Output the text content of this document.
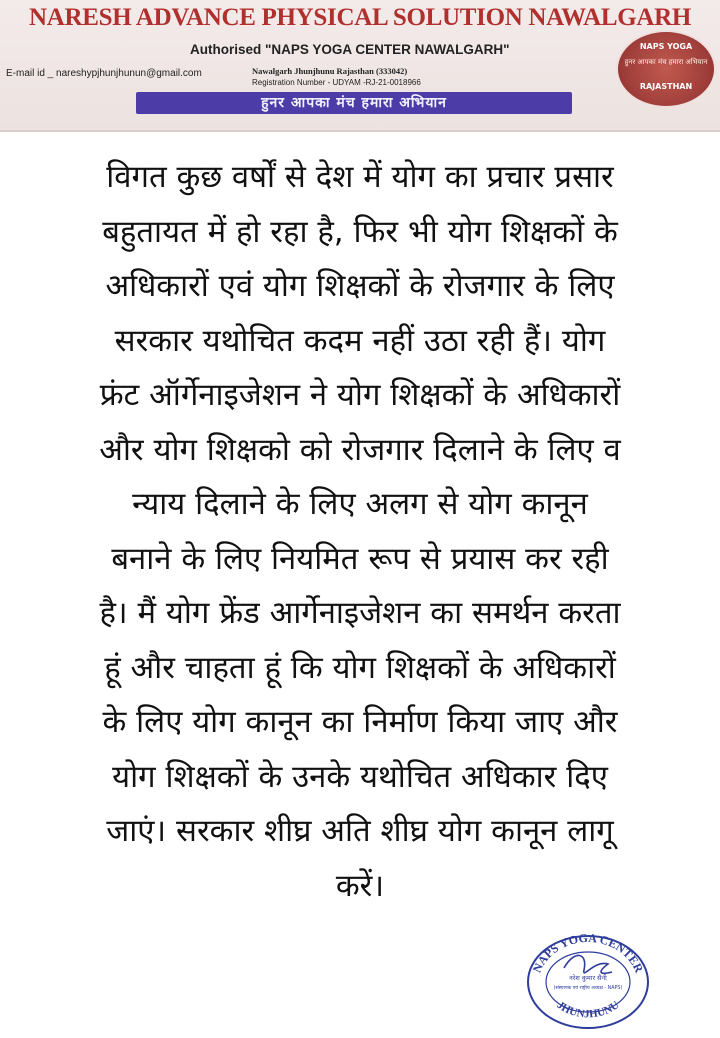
NARESH ADVANCE PHYSICAL SOLUTION NAWALGARH
Authorised "NAPS YOGA CENTER NAWALGARH"
E-mail id _ nareshypjhunjhunun@gmail.com	Nawalgarh Jhunjhunu Rajasthan (333042)
Registration Number - UDYAM -RJ-21-0018966
हुनर आपका मंच हमारा अभियान
NAPS YOGA
हुनर आपका मंच हमारा अभियान
RAJASTHAN
विगत कुछ वर्षों से देश में योग का प्रचार प्रसार
बहुतायत में हो रहा है, फिर भी योग शिक्षकों के
अधिकारों एवं योग शिक्षकों के रोजगार के लिए
सरकार यथोचित कदम नहीं उठा रही हैं। योग
फ्रंट ऑर्गेनाइजेशन ने योग शिक्षकों के अधिकारों
और योग शिक्षको को रोजगार दिलाने के लिए व
न्याय दिलाने के लिए अलग से योग कानून
बनाने के लिए नियमित रूप से प्रयास कर रही
है। मैं योग फ्रेंड आर्गेनाइजेशन का समर्थन करता
हूं और चाहता हूं कि योग शिक्षकों के अधिकारों
के लिए योग कानून का निर्माण किया जाए और
योग शिक्षकों के उनके यथोचित अधिकार दिए
जाएं। सरकार शीघ्र अति शीघ्र योग कानून लागू
करें।
NAPS YOGA CENTER
JHUNJHUNU
नरेश कुमार सैनी
(संस्थापक एवं राष्ट्रीय अध्यक्ष - NAPS)
